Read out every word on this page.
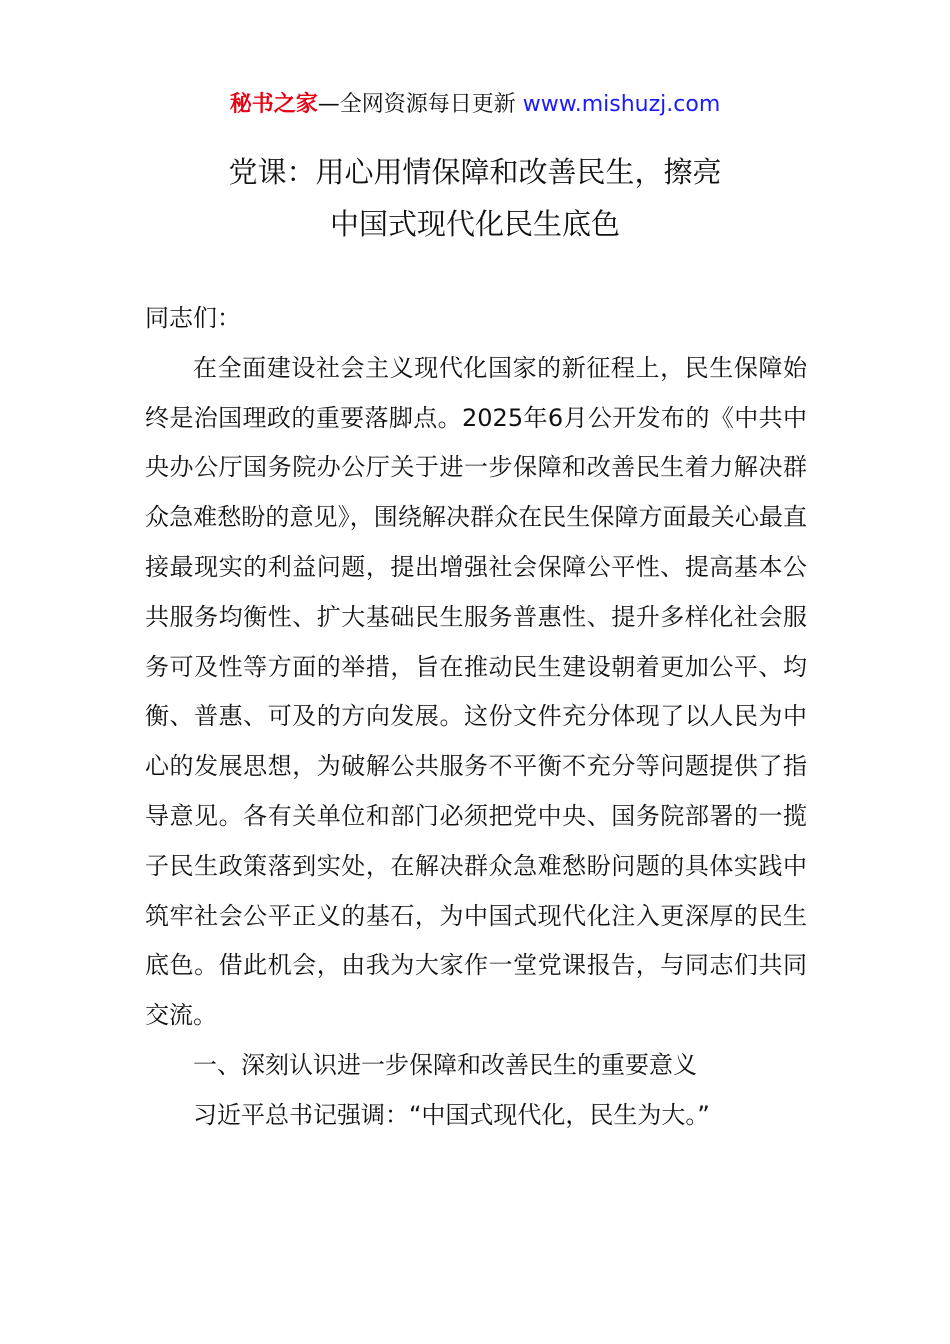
秘书之家—全网资源每日更新 www.mishuzj.com
党课：用心用情保障和改善民生，擦亮
中国式现代化民生底色

同志们：

在全面建设社会主义现代化国家的新征程上，民生保障始终是治国理政的重要落脚点。2025年6月公开发布的《中共中央办公厅国务院办公厅关于进一步保障和改善民生着力解决群众急难愁盼的意见》，围绕解决群众在民生保障方面最关心最直接最现实的利益问题，提出增强社会保障公平性、提高基本公共服务均衡性、扩大基础民生服务普惠性、提升多样化社会服务可及性等方面的举措，旨在推动民生建设朝着更加公平、均衡、普惠、可及的方向发展。这份文件充分体现了以人民为中心的发展思想，为破解公共服务不平衡不充分等问题提供了指导意见。各有关单位和部门必须把党中央、国务院部署的一揽子民生政策落到实处，在解决群众急难愁盼问题的具体实践中筑牢社会公平正义的基石，为中国式现代化注入更深厚的民生底色。借此机会，由我为大家作一堂党课报告，与同志们共同交流。

一、深刻认识进一步保障和改善民生的重要意义

习近平总书记强调：“中国式现代化，民生为大。”
